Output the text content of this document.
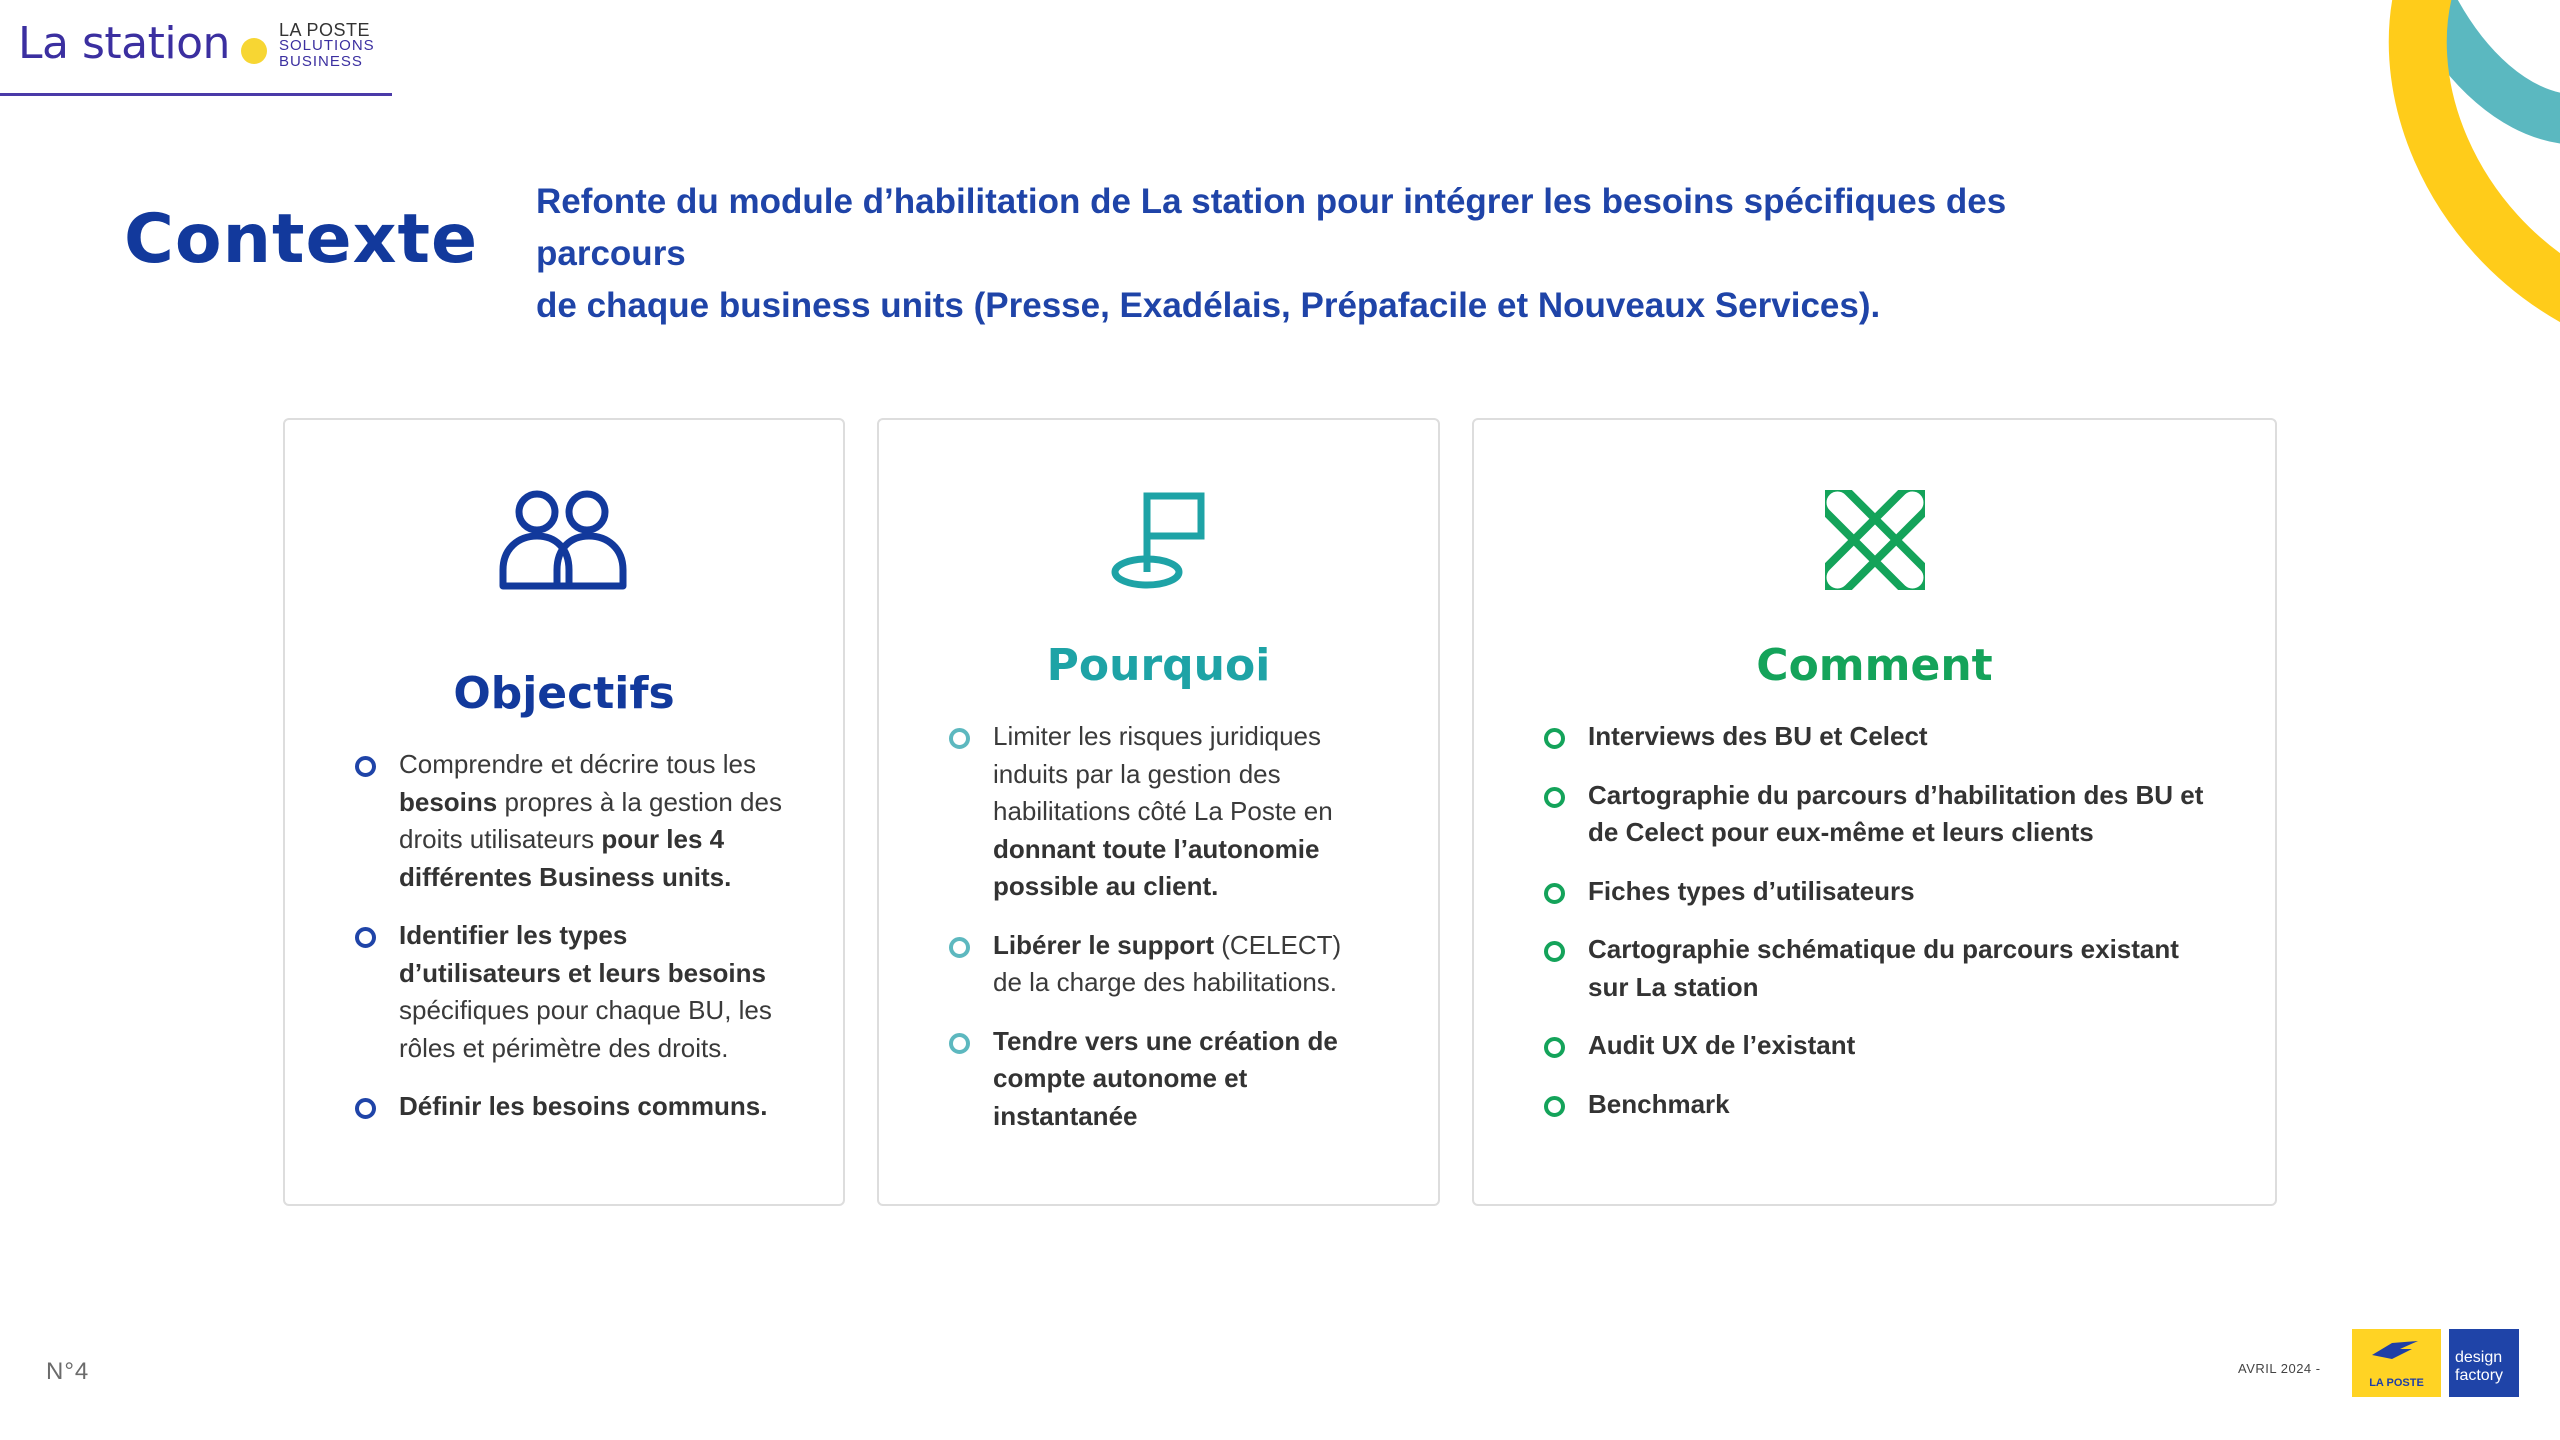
La station	LA POSTE
SOLUTIONS
BUSINESS
Contexte Refonte du module d’habilitation de La station pour intégrer les besoins spécifiques des parcours
de chaque business units (Presse, Exadélais, Prépafacile et Nouveaux Services).

Objectifs
Comprendre et décrire tous les besoins propres à la gestion des droits utilisateurs pour les 4 différentes Business units.
Identifier les types d’utilisateurs et leurs besoins spécifiques pour chaque BU, les rôles et périmètre des droits.
Définir les besoins communs.
Pourquoi
Limiter les risques juridiques induits par la gestion des habilitations côté La Poste en donnant toute l’autonomie possible au client.
Libérer le support (CELECT) de la charge des habilitations.
Tendre vers une création de compte autonome et instantanée
Comment
Interviews des BU et Celect
Cartographie du parcours d’habilitation des BU et de Celect pour eux-même et leurs clients
Fiches types d’utilisateurs
Cartographie schématique du parcours existant sur La station
Audit UX de l’existant
Benchmark
N°4	AVRIL 2024 -
LA POSTE
design
factory
